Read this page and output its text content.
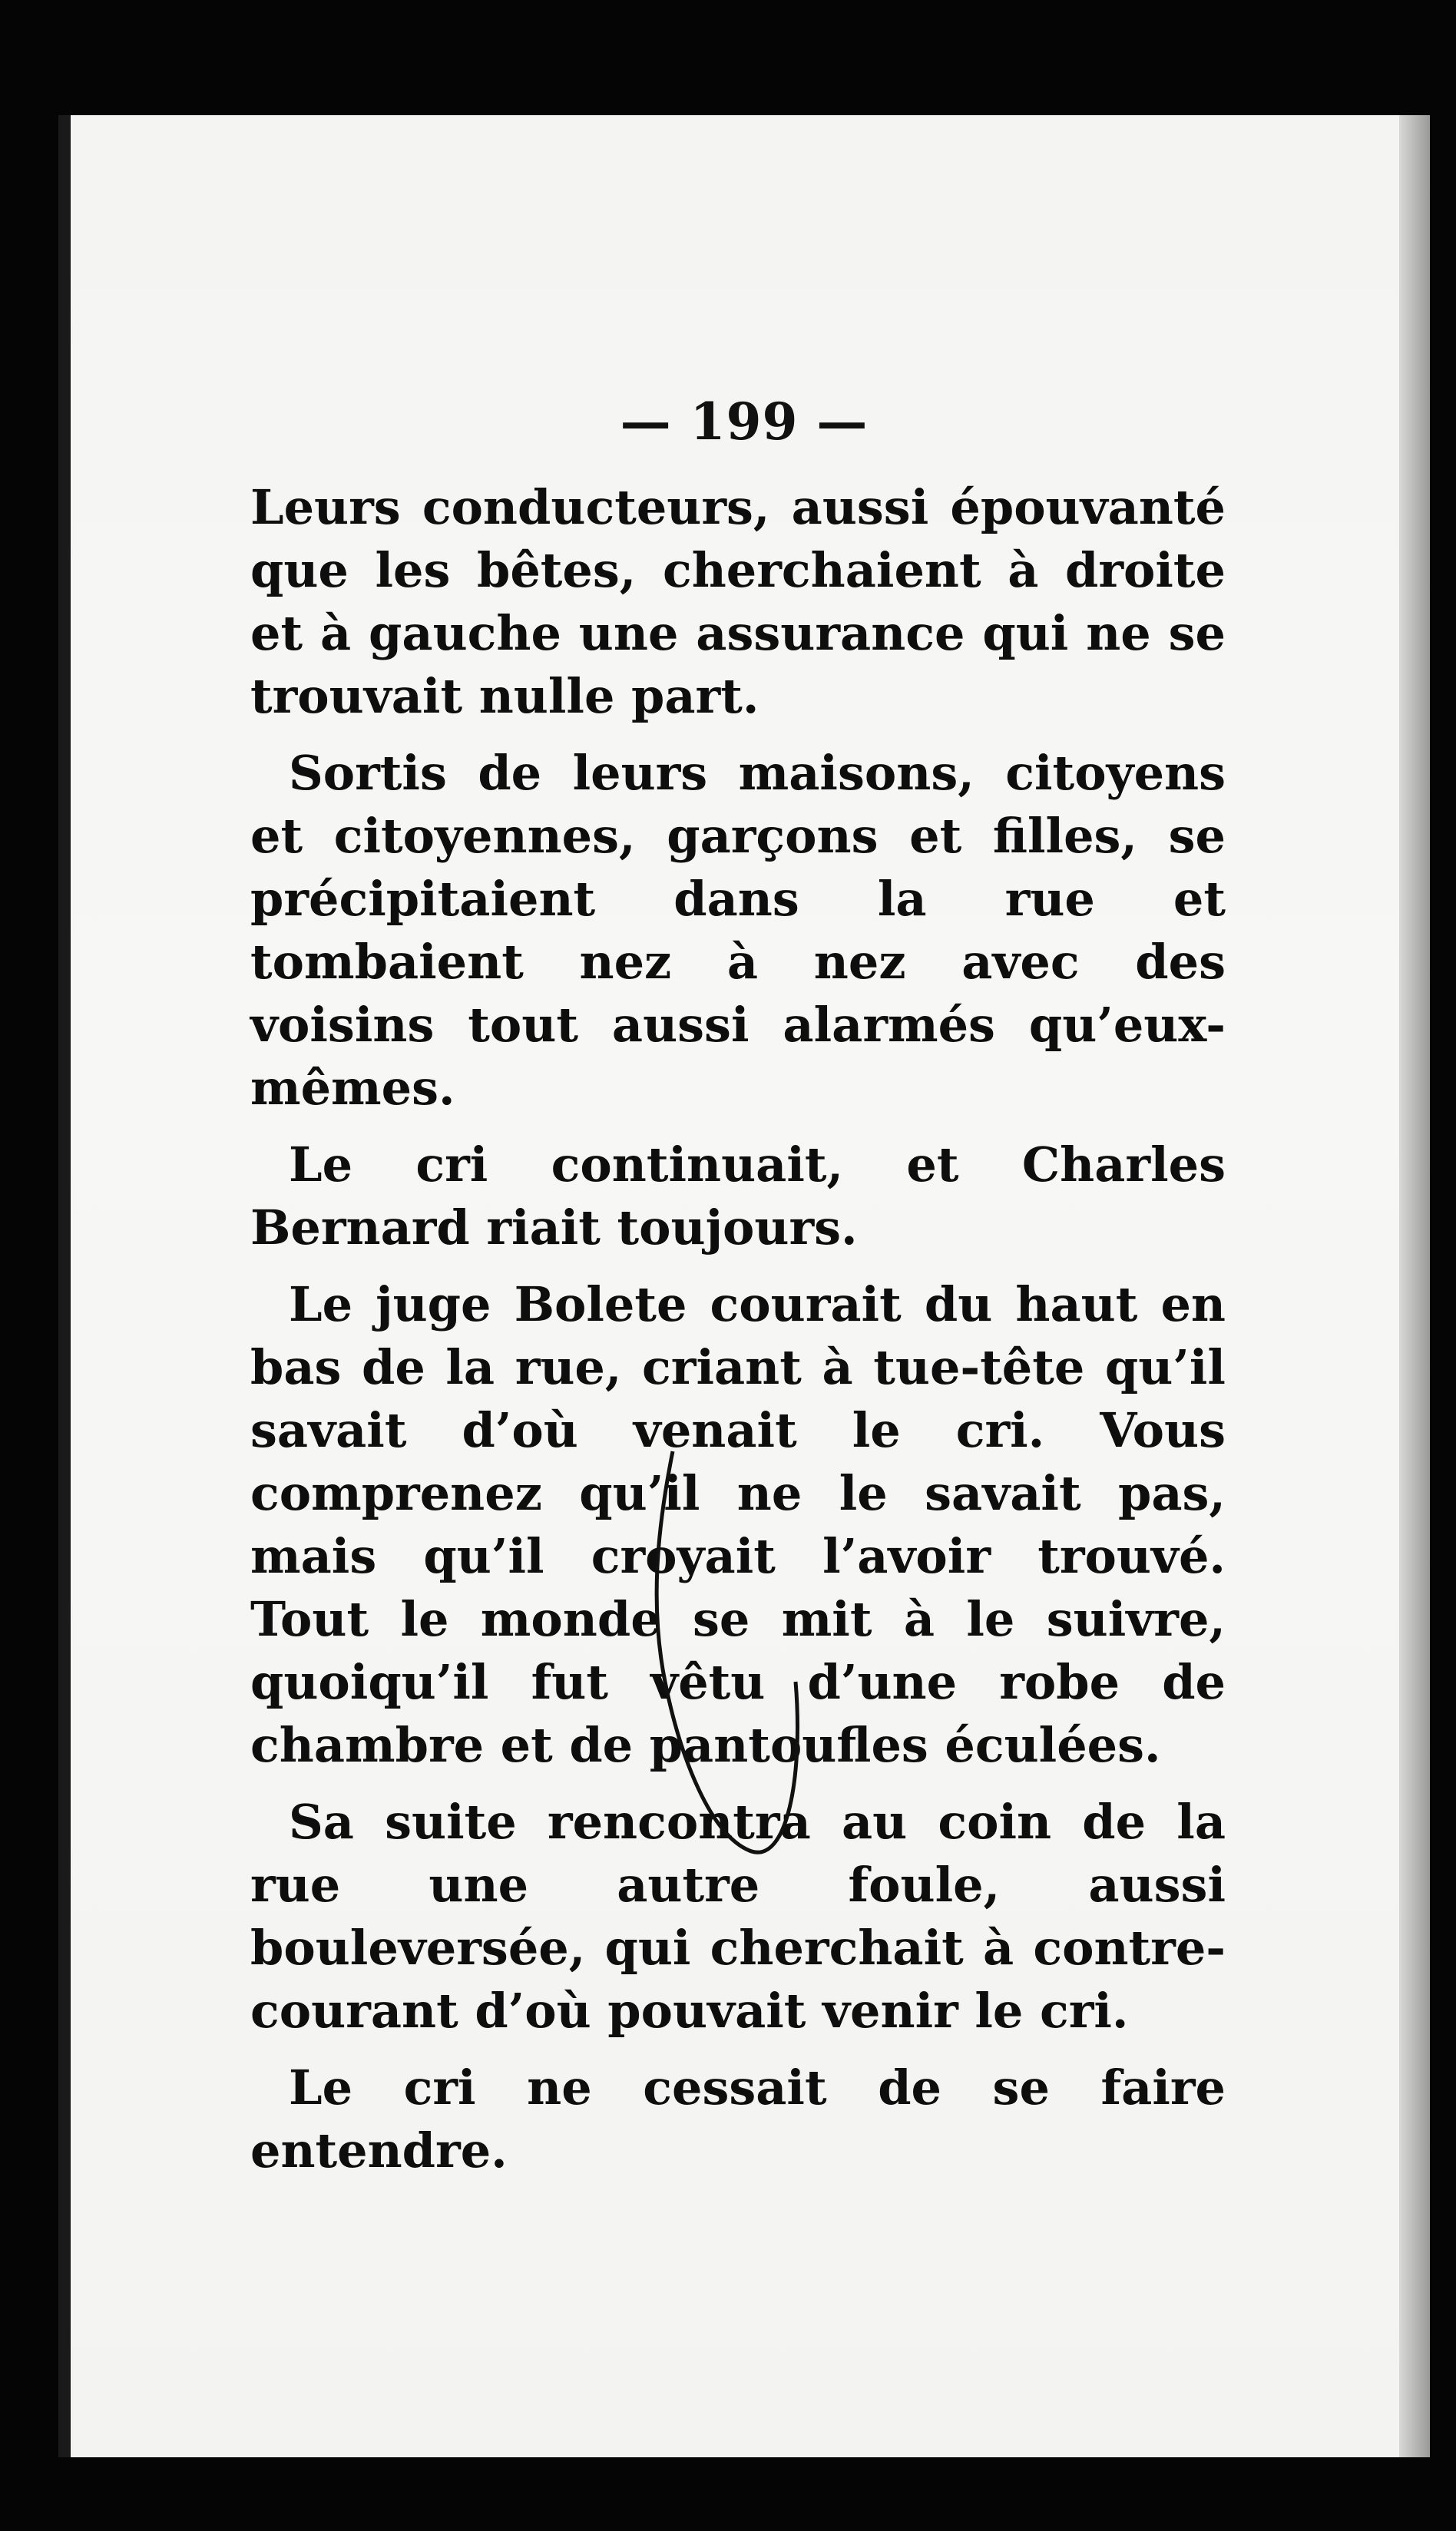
— 199 —

Leurs conducteurs, aussi épouvanté que les bêtes, cherchaient à droite et à gauche une assurance qui ne se trouvait nulle part.

Sortis de leurs maisons, citoyens et citoyennes, garçons et filles, se précipitaient dans la rue et tombaient nez à nez avec des voisins tout aussi alarmés qu’eux-mêmes.

Le cri continuait, et Charles Bernard riait toujours.

Le juge Bolete courait du haut en bas de la rue, criant à tue-tête qu’il savait d’où venait le cri. Vous comprenez qu’il ne le savait pas, mais qu’il croyait l’avoir trouvé. Tout le monde se mit à le suivre, quoiqu’il fut vêtu d’une robe de chambre et de pantoufles éculées.

Sa suite rencontra au coin de la rue une autre foule, aussi bouleversée, qui cherchait à contre-courant d’où pouvait venir le cri.

Le cri ne cessait de se faire entendre.
